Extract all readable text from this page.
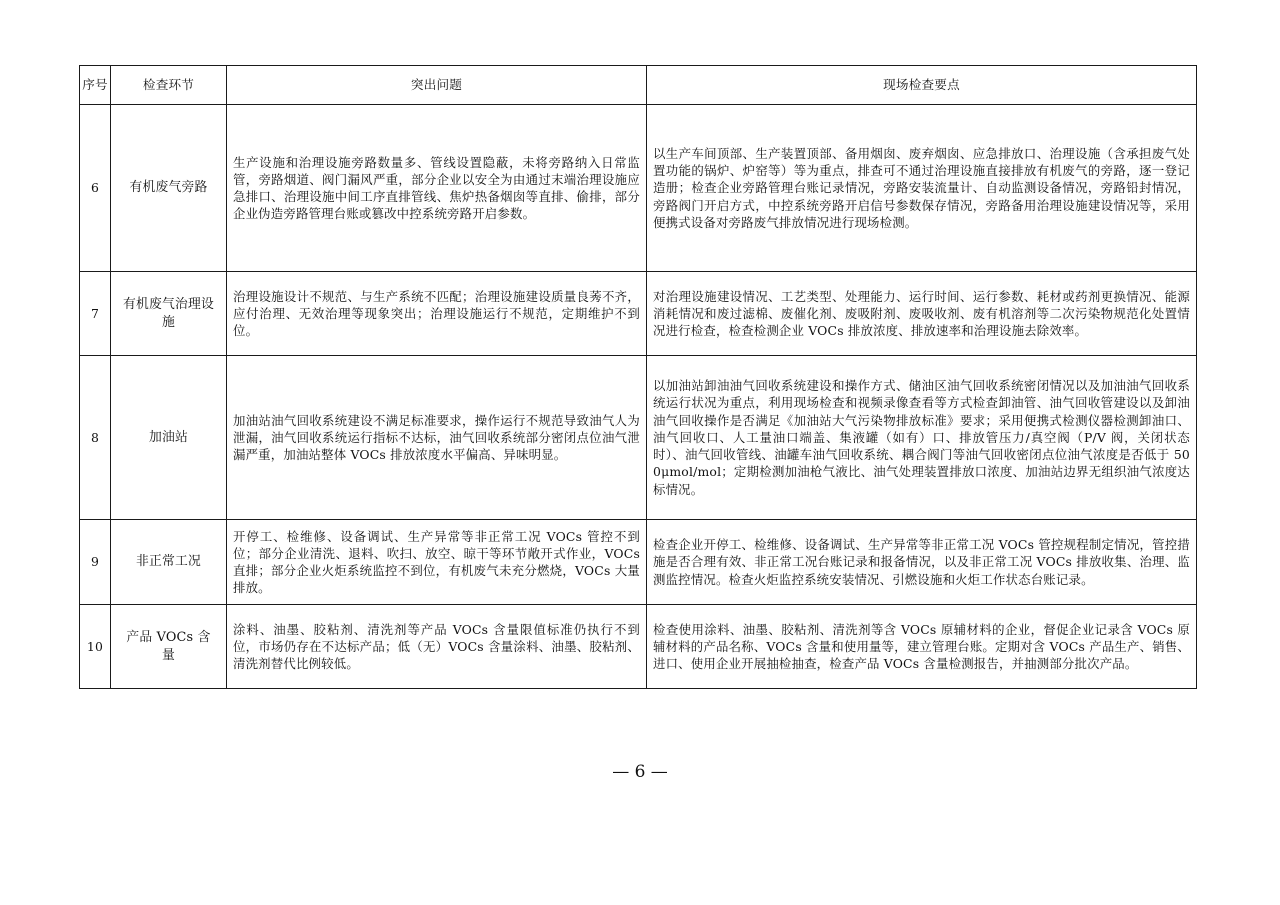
序号	检查环节	突出问题	现场检查要点
6	有机废气旁路	生产设施和治理设施旁路数量多、管线设置隐蔽，未将旁路纳入日常监管，旁路烟道、阀门漏风严重，部分企业以安全为由通过末端治理设施应急排口、治理设施中间工序直排管线、焦炉热备烟囱等直排、偷排，部分企业伪造旁路管理台账或篡改中控系统旁路开启参数。	以生产车间顶部、生产装置顶部、备用烟囱、废弃烟囱、应急排放口、治理设施（含承担废气处置功能的锅炉、炉窑等）等为重点，排查可不通过治理设施直接排放有机废气的旁路，逐一登记造册；检查企业旁路管理台账记录情况，旁路安装流量计、自动监测设备情况，旁路铅封情况，旁路阀门开启方式，中控系统旁路开启信号参数保存情况，旁路备用治理设施建设情况等，采用便携式设备对旁路废气排放情况进行现场检测。
7	有机废气治理设施	治理设施设计不规范、与生产系统不匹配；治理设施建设质量良莠不齐，应付治理、无效治理等现象突出；治理设施运行不规范，定期维护不到位。	对治理设施建设情况、工艺类型、处理能力、运行时间、运行参数、耗材或药剂更换情况、能源消耗情况和废过滤棉、废催化剂、废吸附剂、废吸收剂、废有机溶剂等二次污染物规范化处置情况进行检查，检查检测企业 VOCs 排放浓度、排放速率和治理设施去除效率。
8	加油站	加油站油气回收系统建设不满足标准要求，操作运行不规范导致油气人为泄漏，油气回收系统运行指标不达标，油气回收系统部分密闭点位油气泄漏严重，加油站整体 VOCs 排放浓度水平偏高、异味明显。	以加油站卸油油气回收系统建设和操作方式、储油区油气回收系统密闭情况以及加油油气回收系统运行状况为重点，利用现场检查和视频录像查看等方式检查卸油管、油气回收管建设以及卸油油气回收操作是否满足《加油站大气污染物排放标准》要求；采用便携式检测仪器检测卸油口、油气回收口、人工量油口端盖、集液罐（如有）口、排放管压力/真空阀（P/V 阀，关闭状态时）、油气回收管线、油罐车油气回收系统、耦合阀门等油气回收密闭点位油气浓度是否低于 500μmol/mol；定期检测加油枪气液比、油气处理装置排放口浓度、加油站边界无组织油气浓度达标情况。
9	非正常工况	开停工、检维修、设备调试、生产异常等非正常工况 VOCs 管控不到位；部分企业清洗、退料、吹扫、放空、晾干等环节敞开式作业，VOCs 直排；部分企业火炬系统监控不到位，有机废气未充分燃烧，VOCs 大量排放。	检查企业开停工、检维修、设备调试、生产异常等非正常工况 VOCs 管控规程制定情况，管控措施是否合理有效、非正常工况台账记录和报备情况，以及非正常工况 VOCs 排放收集、治理、监测监控情况。检查火炬监控系统安装情况、引燃设施和火炬工作状态台账记录。
10	产品 VOCs 含量	涂料、油墨、胶粘剂、清洗剂等产品 VOCs 含量限值标准仍执行不到位，市场仍存在不达标产品；低（无）VOCs 含量涂料、油墨、胶粘剂、清洗剂替代比例较低。	检查使用涂料、油墨、胶粘剂、清洗剂等含 VOCs 原辅材料的企业，督促企业记录含 VOCs 原辅材料的产品名称、VOCs 含量和使用量等，建立管理台账。定期对含 VOCs 产品生产、销售、进口、使用企业开展抽检抽查，检查产品 VOCs 含量检测报告，并抽测部分批次产品。
— 6 —
